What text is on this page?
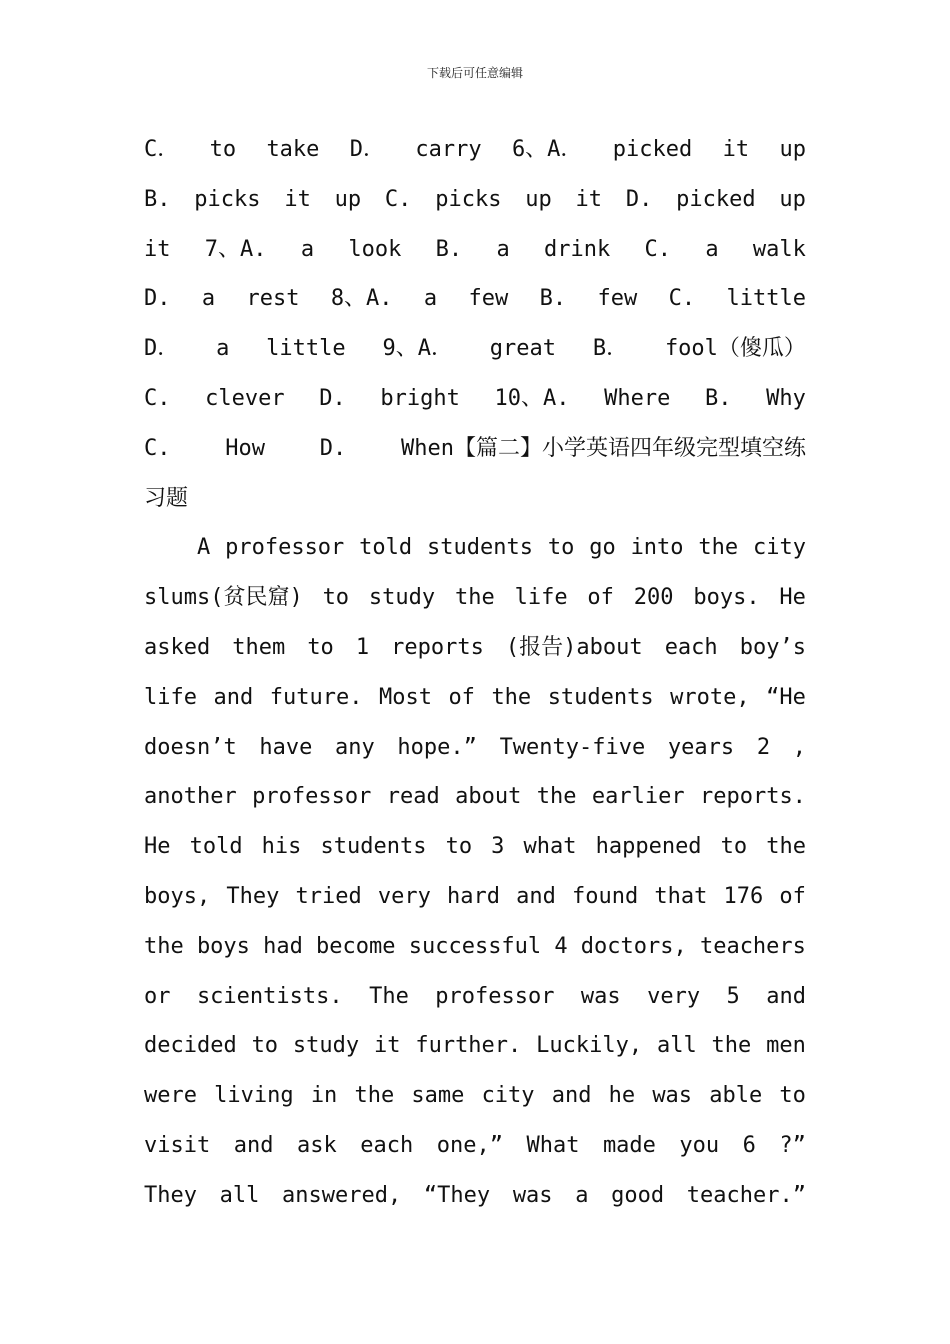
下载后可任意编辑
C． to take D． carry 6、A． picked it up
B. picks it up C. picks up it D. picked up
it 7、A. a look B. a drink C. a walk
D. a rest 8、A. a few B. few C. little
D． a little 9、A． great B． fool（傻瓜）
C. clever D. bright 10、A. Where B. Why
C. How D. When【篇二】小学英语四年级完型填空练
习题
A professor told students to go into the city
slums(贫民窟) to study the life of 200 boys. He
asked them to 1 reports (报告)about each boy’s
life and future. Most of the students wrote, “He
doesn’t have any hope.” Twenty-five years 2 ,
another professor read about the earlier reports.
He told his students to 3 what happened to the
boys, They tried very hard and found that 176 of
the boys had become successful 4 doctors, teachers
or scientists. The professor was very 5 and
decided to study it further. Luckily, all the men
were living in the same city and he was able to
visit and ask each one,” What made you 6 ?”
They all answered, “They was a good teacher.”
